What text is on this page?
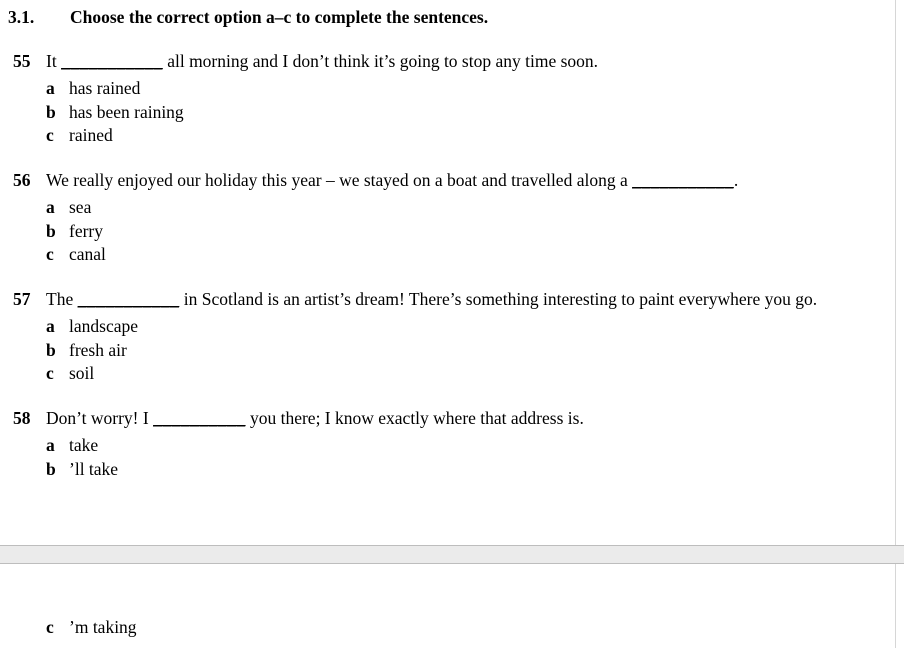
3.1.	Choose the correct option a–c to complete the sentences.
55 It ___________ all morning and I don’t think it’s going to stop any time soon.

a has rained
b has been raining
c rained
56 We really enjoyed our holiday this year – we stayed on a boat and travelled along a ___________.

a sea
b ferry
c canal
57 The ___________ in Scotland is an artist’s dream! There’s something interesting to paint everywhere you go.

a landscape
b fresh air
c soil
58 Don’t worry! I __________ you there; I know exactly where that address is.

a take
b ’ll take
c ’m taking
